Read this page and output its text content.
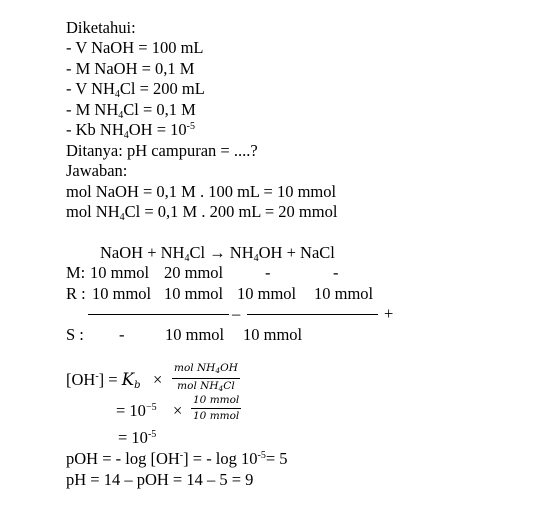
Diketahui:
- V NaOH = 100 mL
- M NaOH = 0,1 M
- V $NH_4Cl = 200$ mL
- M $NH_4Cl = 0,1$ M
- Kb $NH_4OH = 10^{-5}$
Ditanya: pH campuran = ....?
Jawaban:
mol NaOH = 0,1 M . 100 mL = 10 mmol
mol $NH_4Cl = 0,1$ M . 200 mL = 20 mmol
NaOH + $NH_4Cl \to NH_4OH$ + NaCl
M: 10 mmol 20 mmol	-	-
R : 10 mmol 10 mmol 10 mmol 10 mmol
–	+
S : - 10 mmol 10 mmol
$[OH^-] = K_b$ ×
mol NH4OH
mol NH4Cl
= $10^{-5}$ ×
10 mmol
10 mmol
= $10^{-5}$
pOH = - log [OH-] = - $\log 10^{-5}= 5$
pH = 14 – pOH = 14 – 5 = 9
